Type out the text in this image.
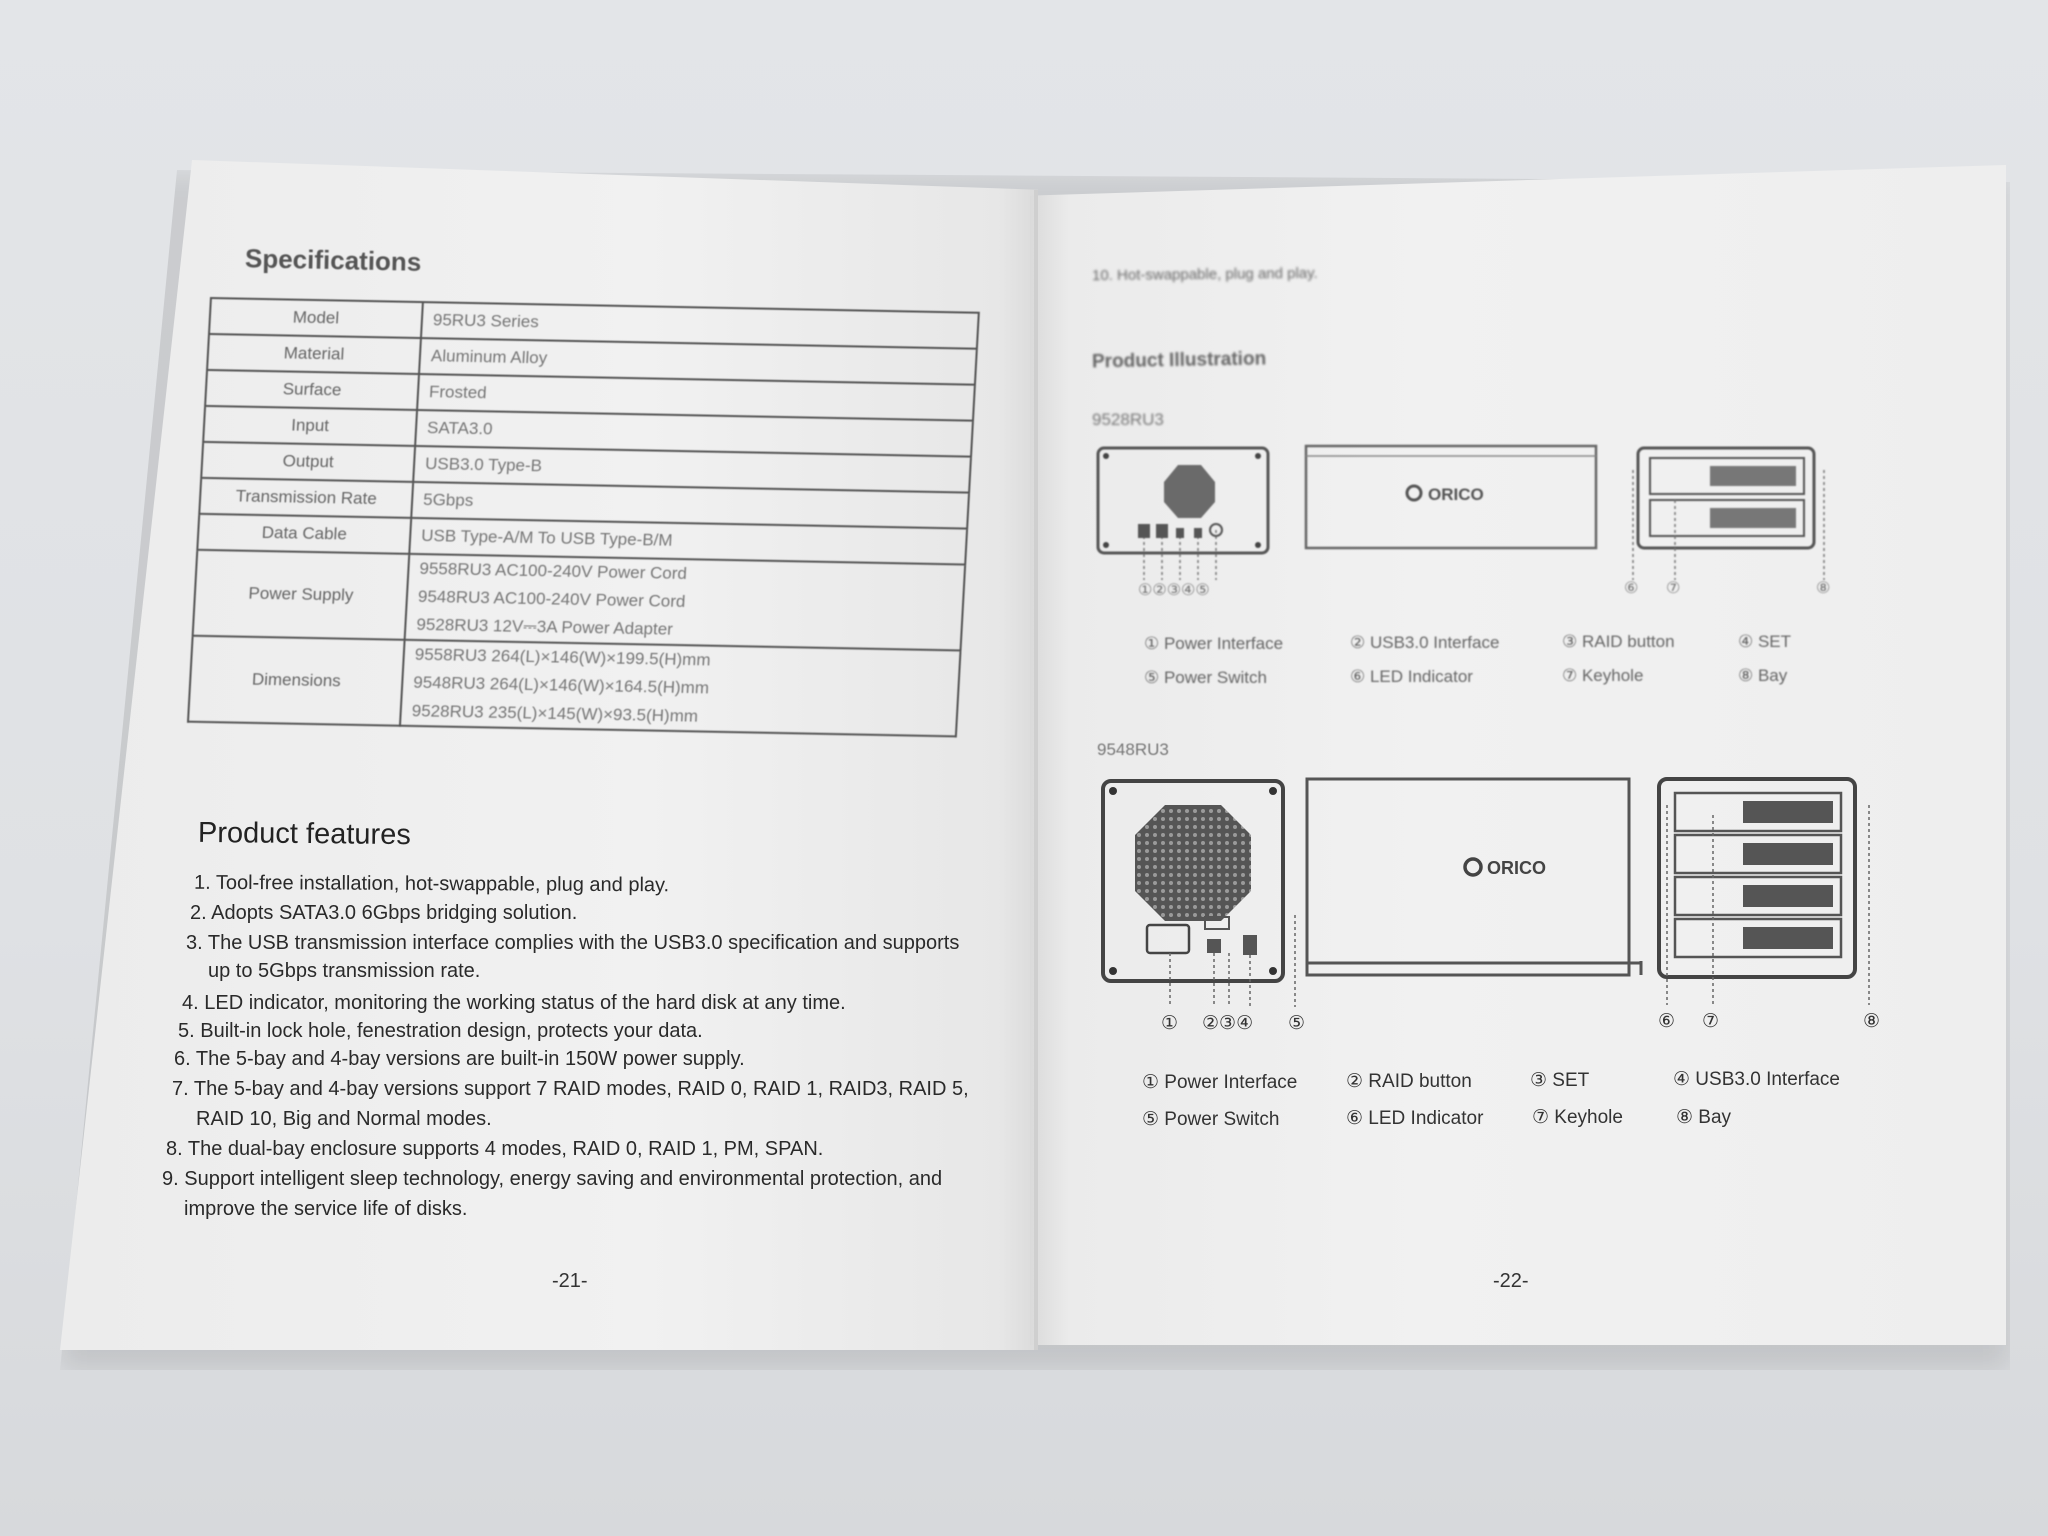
Specifications
Model	95RU3 Series
Material	Aluminum Alloy
Surface	Frosted
Input	SATA3.0
Output	USB3.0 Type-B
Transmission Rate	5Gbps
Data Cable	USB Type-A/M To USB Type-B/M
Power Supply	9558RU3 AC100-240V Power Cord
9548RU3 AC100-240V Power Cord
9528RU3 12V⎓3A Power Adapter

Dimensions	9558RU3 264(L)×146(W)×199.5(H)mm
9548RU3 264(L)×146(W)×164.5(H)mm
9528RU3 235(L)×145(W)×93.5(H)mm
Product features
1. Tool-free installation, hot-swappable, plug and play.
2. Adopts SATA3.0 6Gbps bridging solution.
3. The USB transmission interface complies with the USB3.0 specification and supports
up to 5Gbps transmission rate.
4. LED indicator, monitoring the working status of the hard disk at any time.
5. Built-in lock hole, fenestration design, protects your data.
6. The 5-bay and 4-bay versions are built-in 150W power supply.
7. The 5-bay and 4-bay versions support 7 RAID modes, RAID 0, RAID 1, RAID3, RAID 5,
RAID 10, Big and Normal modes.
8. The dual-bay enclosure supports 4 modes, RAID 0, RAID 1, PM, SPAN.
9. Support intelligent sleep technology, energy saving and environmental protection, and
improve the service life of disks.
-21-
10. Hot-swappable, plug and play.
Product Illustration
9528RU3
ORICO
①②③④⑤	⑥ ⑦	⑧
① Power Interface	② USB3.0 Interface	③ RAID button	④ SET
⑤ Power Switch	⑥ LED Indicator	⑦ Keyhole	⑧ Bay
9548RU3
ORICO
① ②③④ ⑤	⑥ ⑦	⑧
① Power Interface	② RAID button	③ SET	④ USB3.0 Interface
⑤ Power Switch	⑥ LED Indicator	⑦ Keyhole	⑧ Bay
-22-
